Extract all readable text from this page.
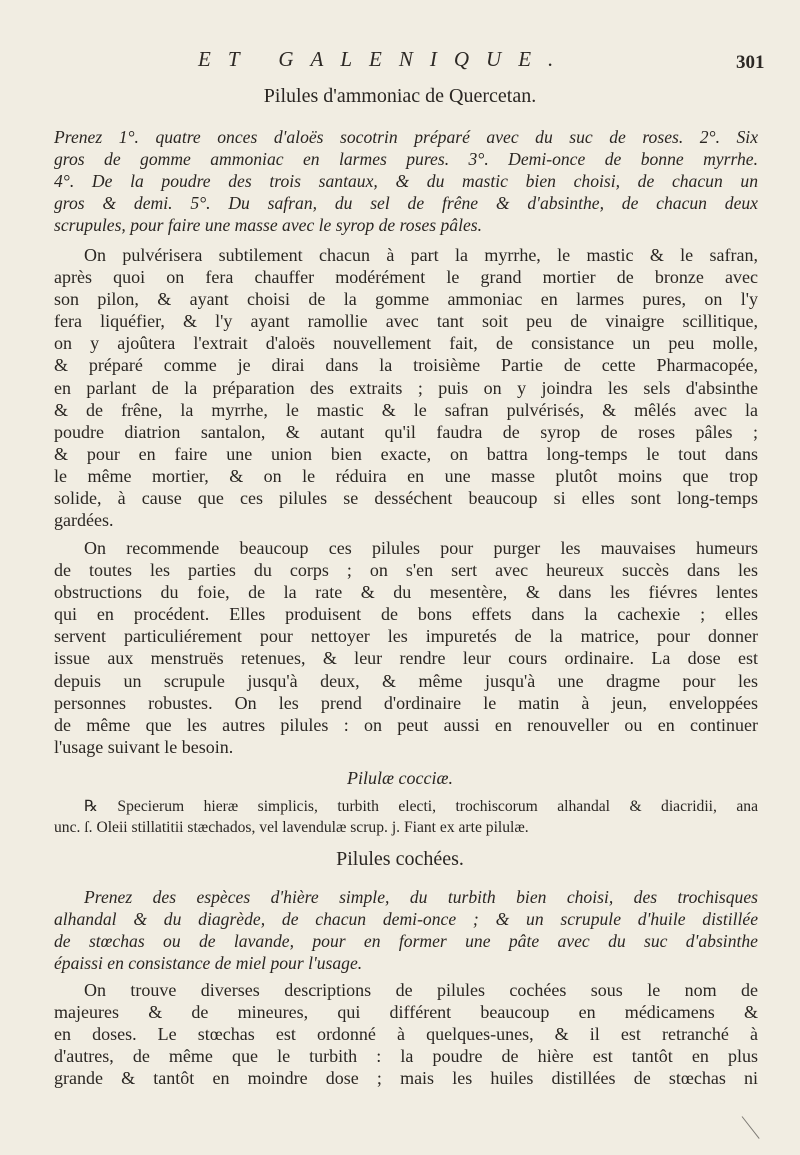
ET GALENIQUE.	301
Pilules d'ammoniac de Quercetan.
Prenez 1°. quatre onces d'aloës socotrin préparé avec du suc de roses. 2°. Six
gros de gomme ammoniac en larmes pures. 3°. Demi-once de bonne myrrhe.
4°. De la poudre des trois santaux, & du mastic bien choisi, de chacun un
gros & demi. 5°. Du safran, du sel de frêne & d'absinthe, de chacun deux
scrupules, pour faire une masse avec le syrop de roses pâles.
On pulvérisera subtilement chacun à part la myrrhe, le mastic & le safran,
après quoi on fera chauffer modérément le grand mortier de bronze avec
son pilon, & ayant choisi de la gomme ammoniac en larmes pures, on l'y
fera liquéfier, & l'y ayant ramollie avec tant soit peu de vinaigre scillitique,
on y ajoûtera l'extrait d'aloës nouvellement fait, de consistance un peu molle,
& préparé comme je dirai dans la troisième Partie de cette Pharmacopée,
en parlant de la préparation des extraits ; puis on y joindra les sels d'absinthe
& de frêne, la myrrhe, le mastic & le safran pulvérisés, & mêlés avec la
poudre diatrion santalon, & autant qu'il faudra de syrop de roses pâles ;
& pour en faire une union bien exacte, on battra long-temps le tout dans
le même mortier, & on le réduira en une masse plutôt moins que trop
solide, à cause que ces pilules se desséchent beaucoup si elles sont long-temps
gardées.
On recommende beaucoup ces pilules pour purger les mauvaises humeurs
de toutes les parties du corps ; on s'en sert avec heureux succès dans les
obstructions du foie, de la rate & du mesentère, & dans les fiévres lentes
qui en procédent. Elles produisent de bons effets dans la cachexie ; elles
servent particuliérement pour nettoyer les impuretés de la matrice, pour donner
issue aux menstruës retenues, & leur rendre leur cours ordinaire. La dose est
depuis un scrupule jusqu'à deux, & même jusqu'à une dragme pour les
personnes robustes. On les prend d'ordinaire le matin à jeun, enveloppées
de même que les autres pilules : on peut aussi en renouveller ou en continuer
l'usage suivant le besoin.
Pilulæ cocciæ.
℞ Specierum hieræ simplicis, turbith electi, trochiscorum alhandal & diacridii, ana
unc. ſ. Oleii stillatitii stæchados, vel lavendulæ scrup. j. Fiant ex arte pilulæ.
Pilules cochées.
Prenez des espèces d'hière simple, du turbith bien choisi, des trochisques
alhandal & du diagrède, de chacun demi-once ; & un scrupule d'huile distillée
de stœchas ou de lavande, pour en former une pâte avec du suc d'absinthe
épaissi en consistance de miel pour l'usage.
On trouve diverses descriptions de pilules cochées sous le nom de
majeures & de mineures, qui différent beaucoup en médicamens &
en doses. Le stœchas est ordonné à quelques-unes, & il est retranché à
d'autres, de même que le turbith : la poudre de hière est tantôt en plus
grande & tantôt en moindre dose ; mais les huiles distillées de stœchas ni
